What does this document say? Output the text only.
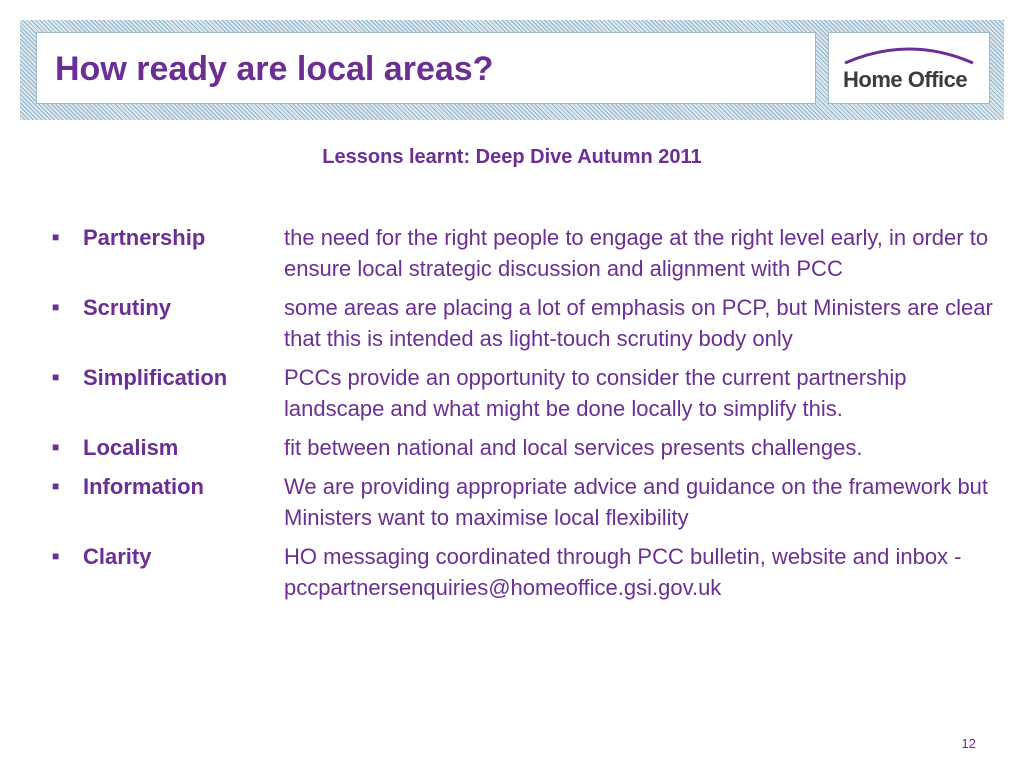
How ready are local areas?	Home Office
Lessons learnt: Deep Dive Autumn 2011
■	Partnership	the need for the right people to engage at the right level early, in order to ensure local strategic discussion and alignment with PCC
■	Scrutiny	some areas are placing a lot of emphasis on PCP, but Ministers are clear that this is intended as light-touch scrutiny body only
■	Simplification	PCCs provide an opportunity to consider the current partnership landscape and what might be done locally to simplify this.
■	Localism	fit between national and local services presents challenges.
■	Information	We are providing appropriate advice and guidance on the framework but Ministers want to maximise local flexibility
■	Clarity	HO messaging coordinated through PCC bulletin, website and inbox - pccpartnersenquiries@homeoffice.gsi.gov.uk
12
